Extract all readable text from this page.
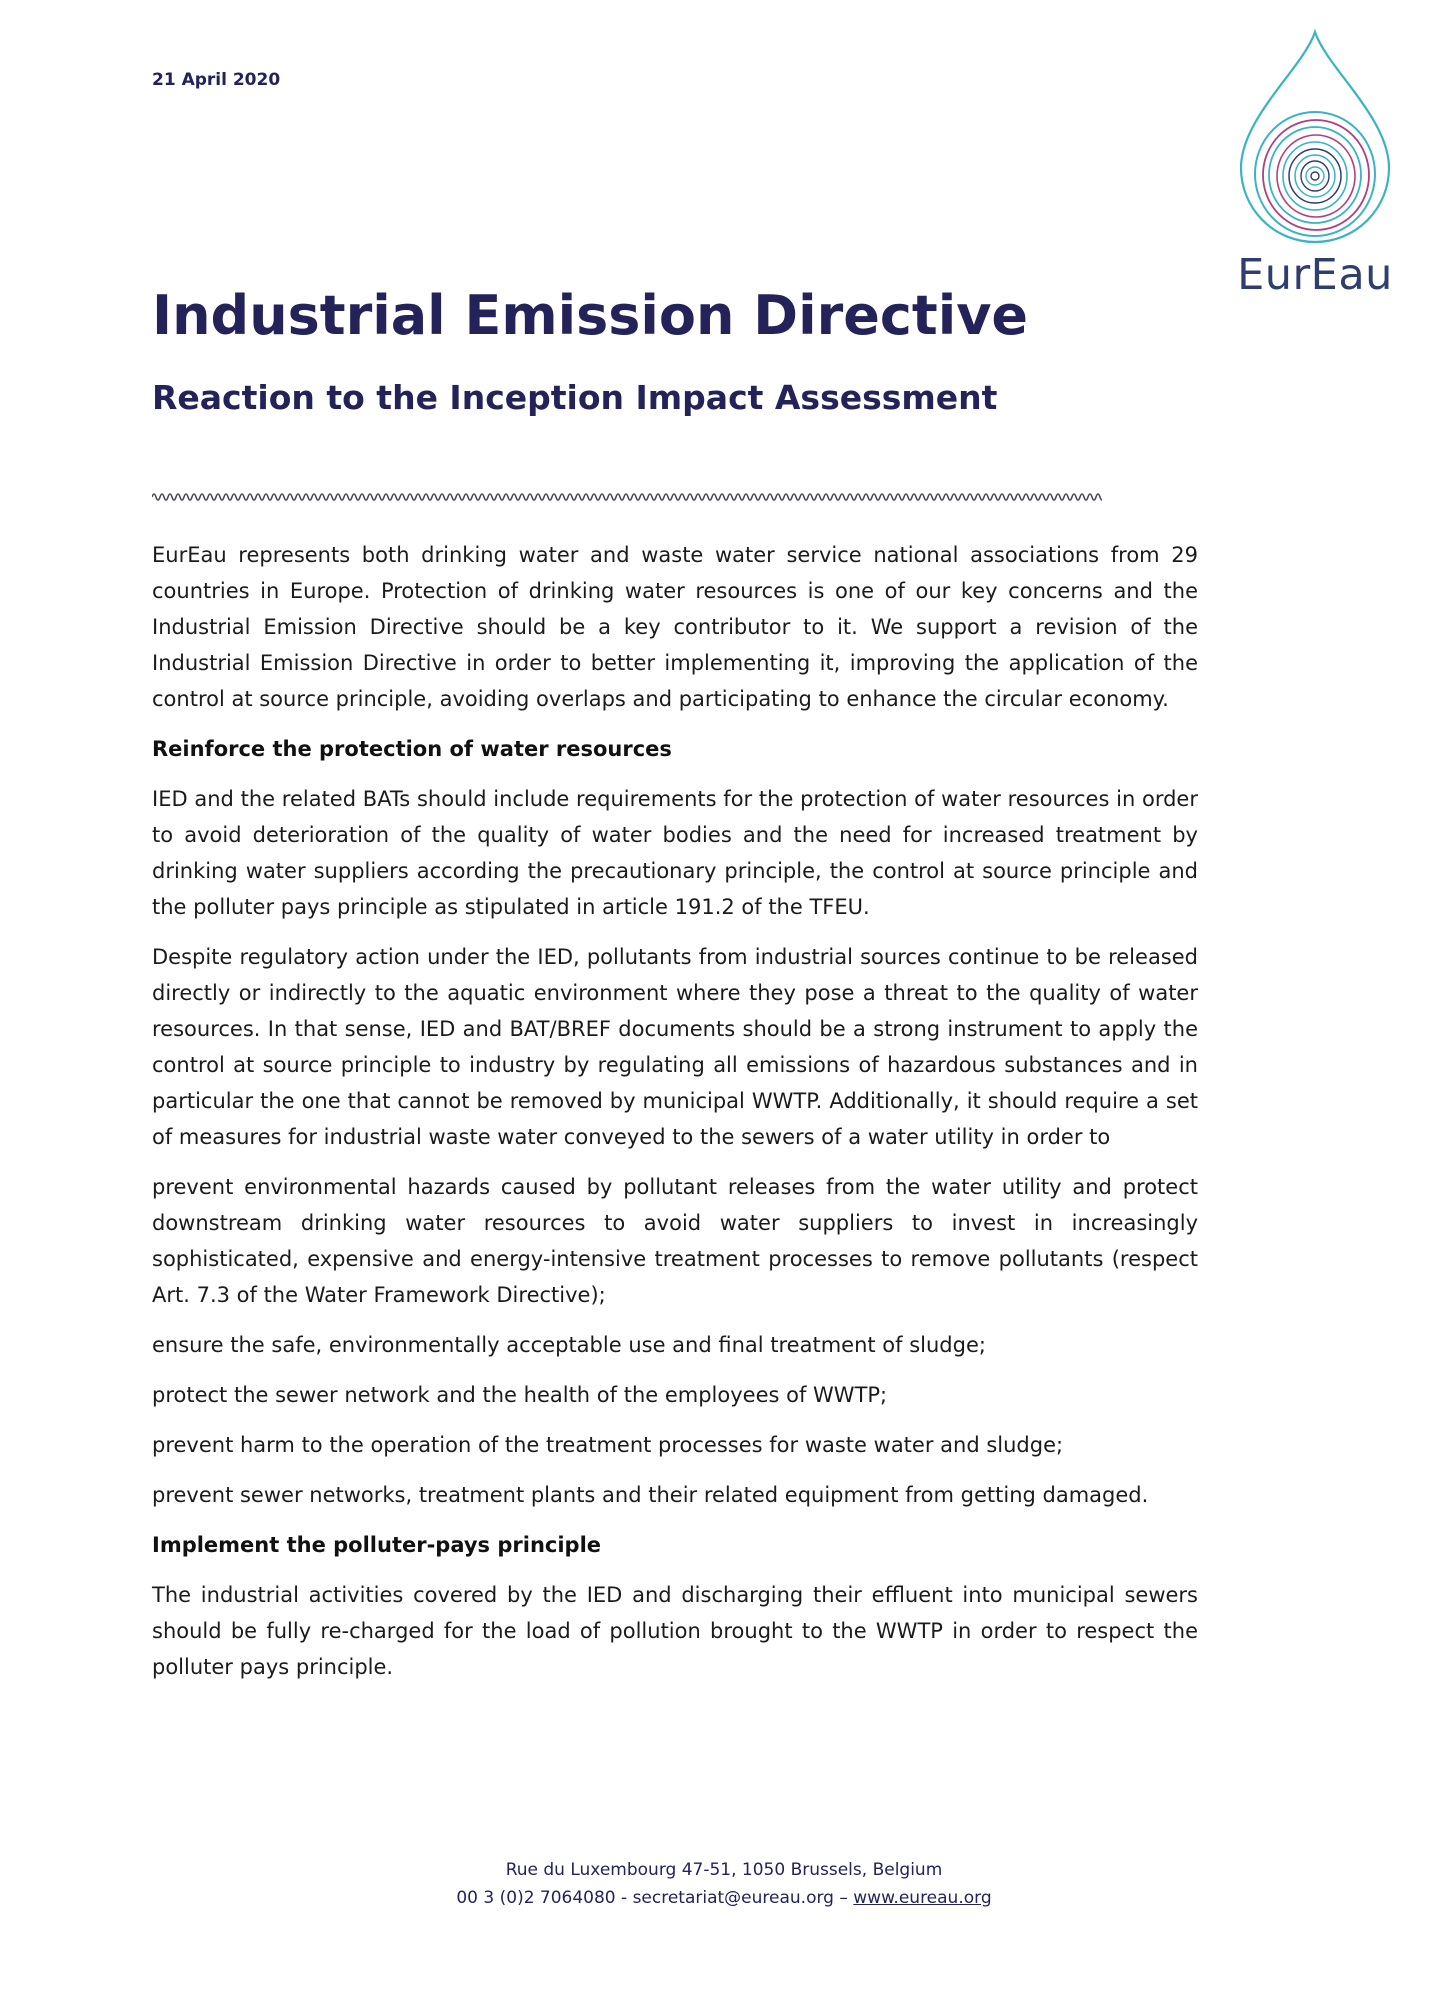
21 April 2020
EurEau
Industrial Emission Directive
Reaction to the Inception Impact Assessment

EurEau represents both drinking water and waste water service national associations from 29 countries in Europe. Protection of drinking water resources is one of our key concerns and the Industrial Emission Directive should be a key contributor to it. We support a revision of the Industrial Emission Directive in order to better implementing it, improving the application of the control at source principle, avoiding overlaps and participating to enhance the circular economy.

Reinforce the protection of water resources

IED and the related BATs should include requirements for the protection of water resources in order to avoid deterioration of the quality of water bodies and the need for increased treatment by drinking water suppliers according the precautionary principle, the control at source principle and the polluter pays principle as stipulated in article 191.2 of the TFEU.

Despite regulatory action under the IED, pollutants from industrial sources continue to be released directly or indirectly to the aquatic environment where they pose a threat to the quality of water resources. In that sense, IED and BAT/BREF documents should be a strong instrument to apply the control at source principle to industry by regulating all emissions of hazardous substances and in particular the one that cannot be removed by municipal WWTP. Additionally, it should require a set of measures for industrial waste water conveyed to the sewers of a water utility in order to

prevent environmental hazards caused by pollutant releases from the water utility and protect downstream drinking water resources to avoid water suppliers to invest in increasingly sophisticated, expensive and energy-intensive treatment processes to remove pollutants (respect Art. 7.3 of the Water Framework Directive);

ensure the safe, environmentally acceptable use and final treatment of sludge;

protect the sewer network and the health of the employees of WWTP;

prevent harm to the operation of the treatment processes for waste water and sludge;

prevent sewer networks, treatment plants and their related equipment from getting damaged.

Implement the polluter-pays principle

The industrial activities covered by the IED and discharging their effluent into municipal sewers should be fully re-charged for the load of pollution brought to the WWTP in order to respect the polluter pays principle.

Rue du Luxembourg 47-51, 1050 Brussels, Belgium
00 3 (0)2 7064080 - secretariat@eureau.org – www.eureau.org
